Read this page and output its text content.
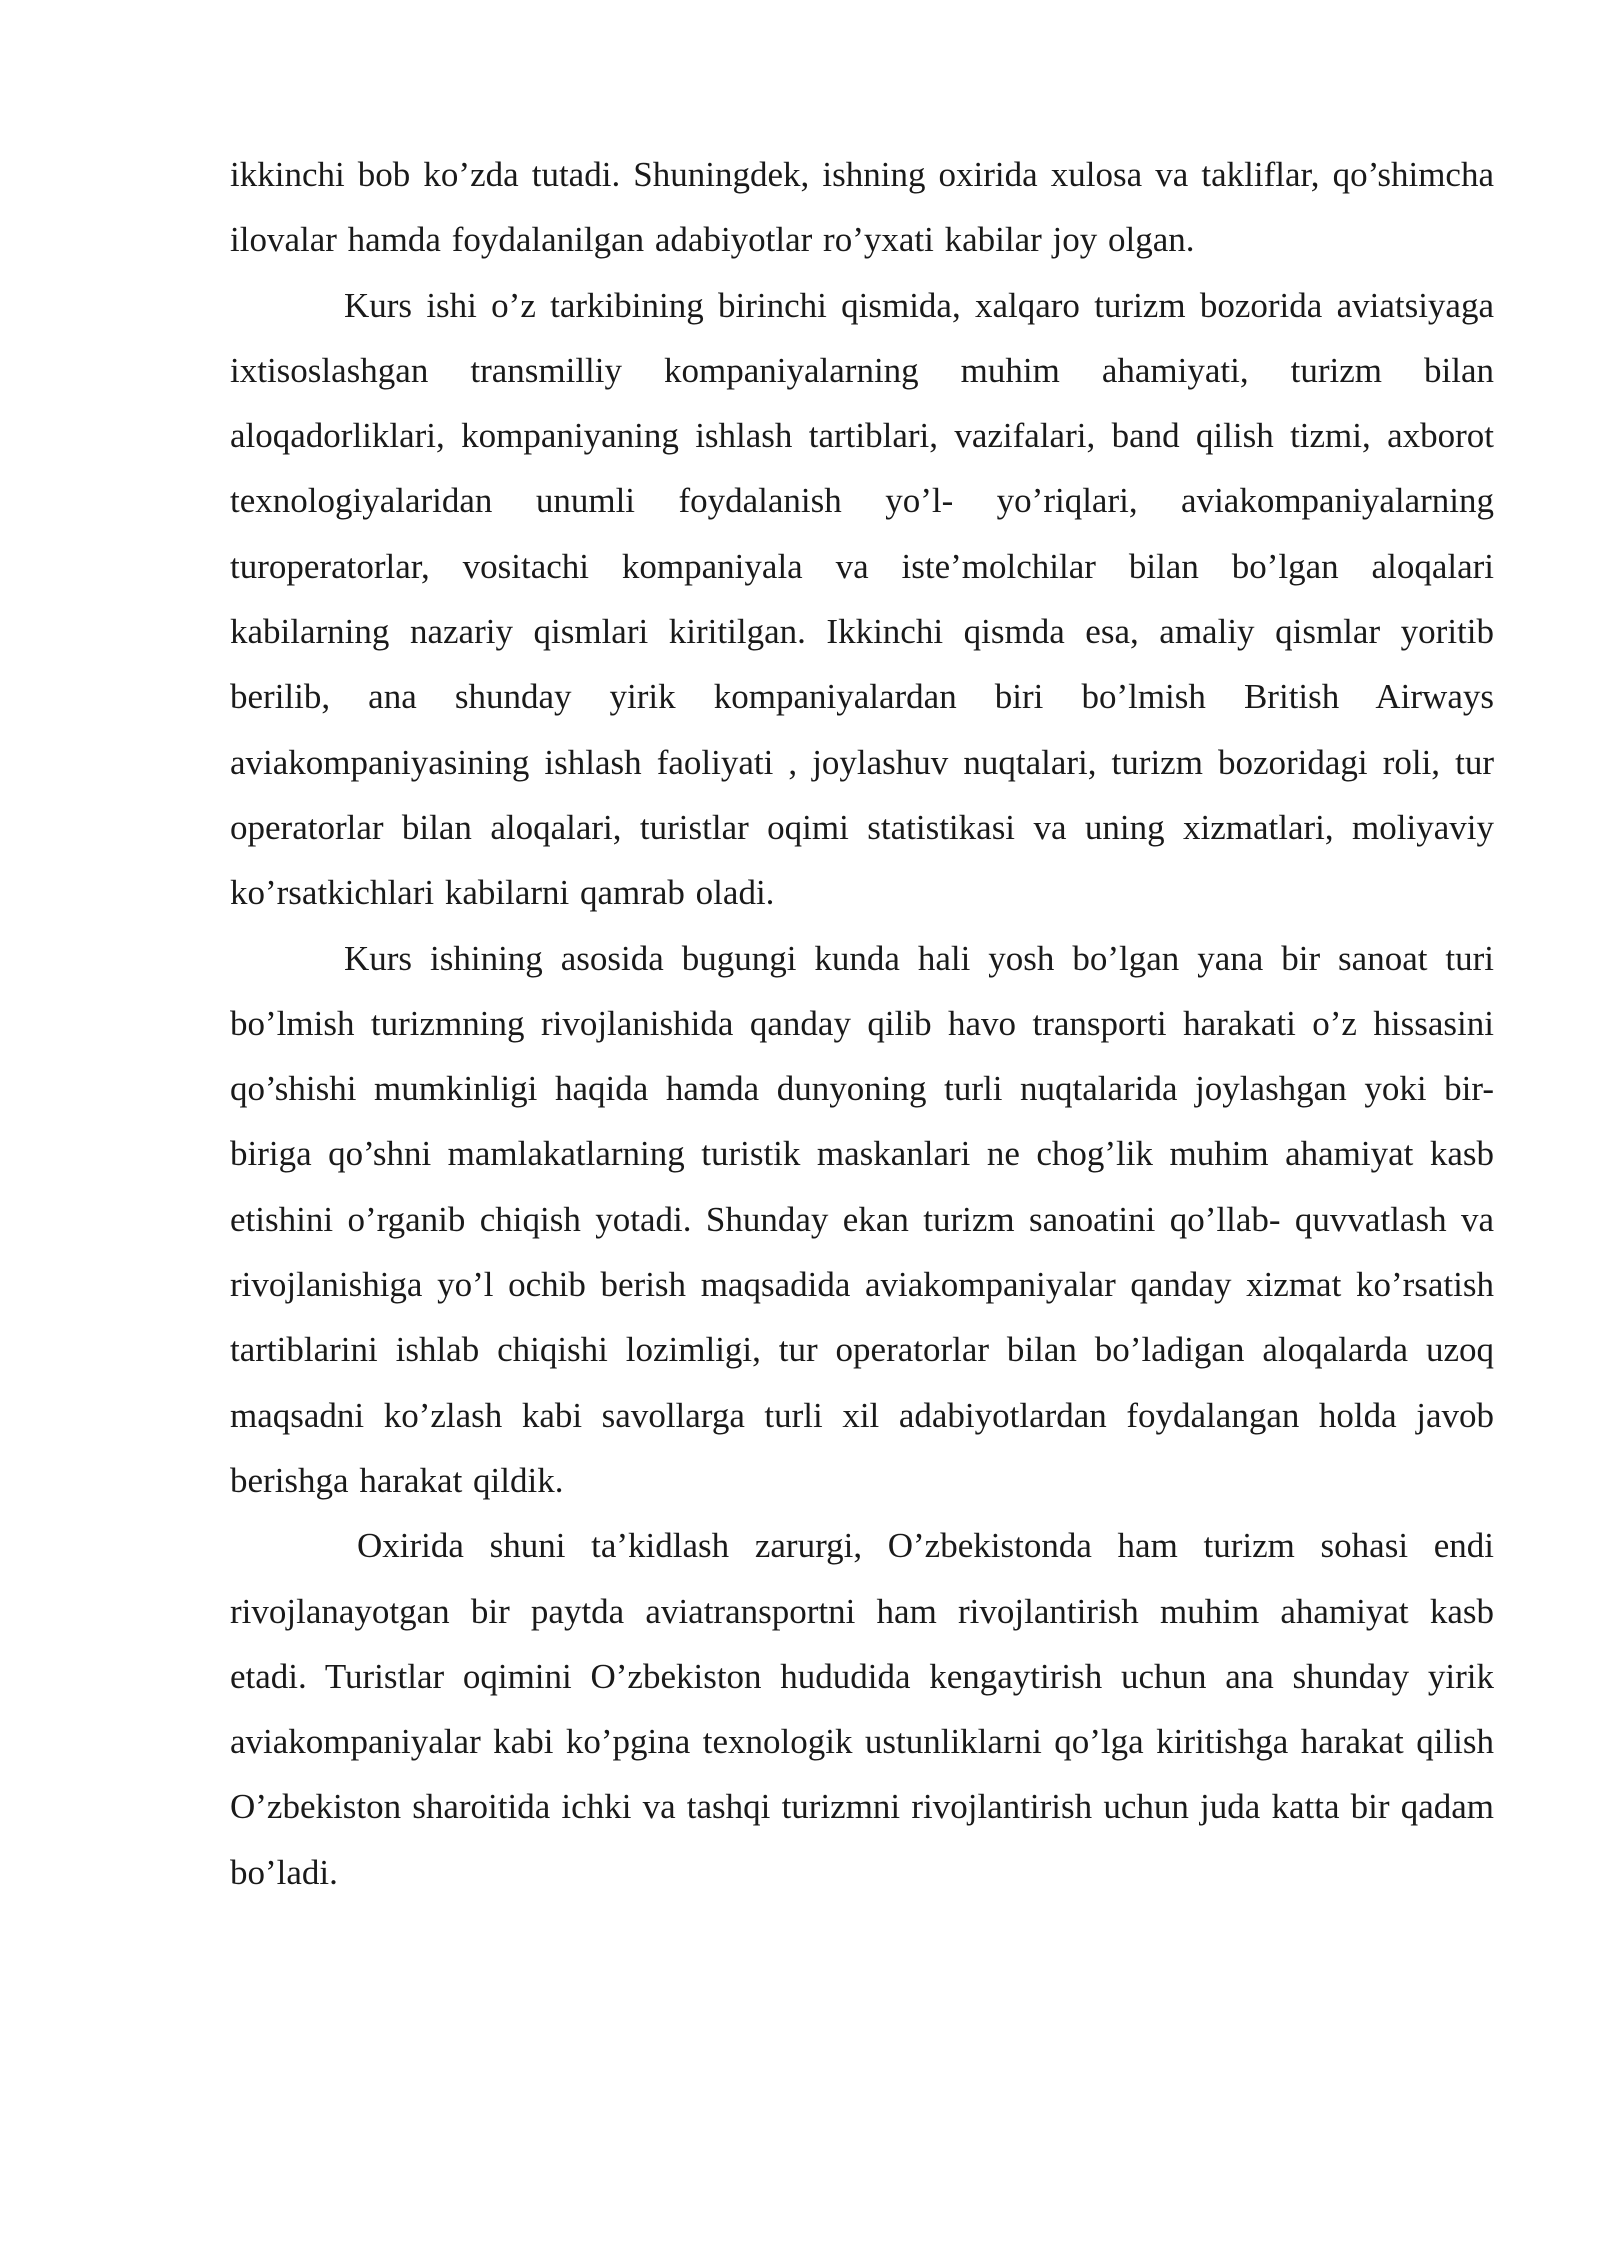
ikkinchi bob ko’zda tutadi. Shuningdek, ishning oxirida xulosa va takliflar, qo’shimcha ilovalar hamda foydalanilgan adabiyotlar ro’yxati kabilar joy olgan.

Kurs ishi o’z tarkibining birinchi qismida, xalqaro turizm bozorida aviatsiyaga ixtisoslashgan transmilliy kompaniyalarning muhim ahamiyati, turizm bilan aloqadorliklari, kompaniyaning ishlash tartiblari, vazifalari, band qilish tizmi, axborot texnologiyalaridan unumli foydalanish yo’l- yo’riqlari, aviakompaniyalarning turoperatorlar, vositachi kompaniyala va iste’molchilar bilan bo’lgan aloqalari kabilarning nazariy qismlari kiritilgan. Ikkinchi qismda esa, amaliy qismlar yoritib berilib, ana shunday yirik kompaniyalardan biri bo’lmish British Airways aviakompaniyasining ishlash faoliyati , joylashuv nuqtalari, turizm bozoridagi roli, tur operatorlar bilan aloqalari, turistlar oqimi statistikasi va uning xizmatlari, moliyaviy ko’rsatkichlari kabilarni qamrab oladi.

Kurs ishining asosida bugungi kunda hali yosh bo’lgan yana bir sanoat turi bo’lmish turizmning rivojlanishida qanday qilib havo transporti harakati o’z hissasini qo’shishi mumkinligi haqida hamda dunyoning turli nuqtalarida joylashgan yoki bir- biriga qo’shni mamlakatlarning turistik maskanlari ne chog’lik muhim ahamiyat kasb etishini o’rganib chiqish yotadi. Shunday ekan turizm sanoatini qo’llab- quvvatlash va rivojlanishiga yo’l ochib berish maqsadida aviakompaniyalar qanday xizmat ko’rsatish tartiblarini ishlab chiqishi lozimligi, tur operatorlar bilan bo’ladigan aloqalarda uzoq maqsadni ko’zlash kabi savollarga turli xil adabiyotlardan foydalangan holda javob berishga harakat qildik.

Oxirida shuni ta’kidlash zarurgi, O’zbekistonda ham turizm sohasi endi rivojlanayotgan bir paytda aviatransportni ham rivojlantirish muhim ahamiyat kasb etadi. Turistlar oqimini O’zbekiston hududida kengaytirish uchun ana shunday yirik aviakompaniyalar kabi ko’pgina texnologik ustunliklarni qo’lga kiritishga harakat qilish O’zbekiston sharoitida ichki va tashqi turizmni rivojlantirish uchun juda katta bir qadam bo’ladi.
